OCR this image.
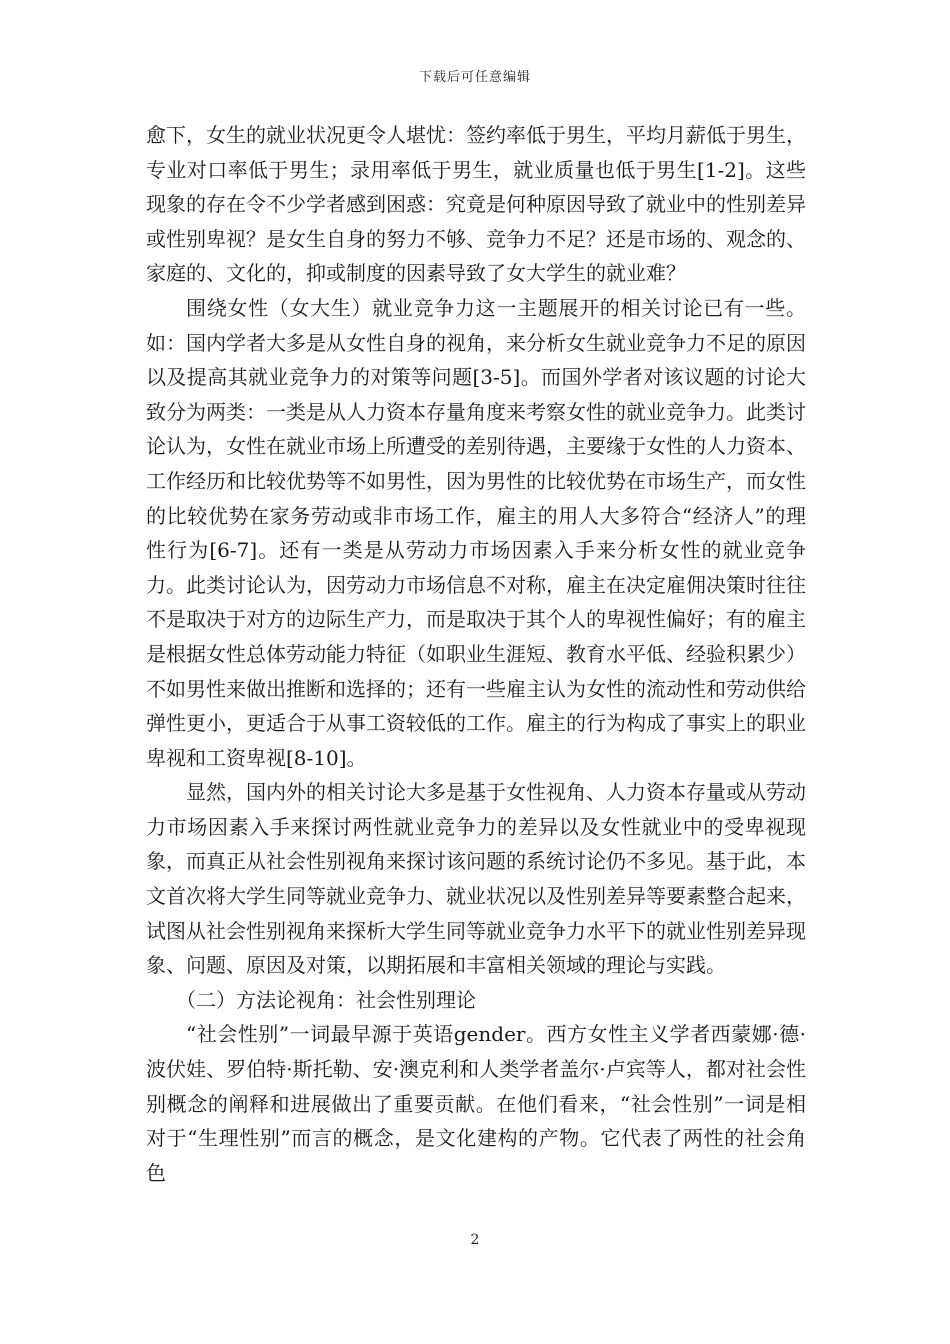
下载后可任意编辑

愈下，女生的就业状况更令人堪忧：签约率低于男生，平均月薪低于男生，专业对口率低于男生；录用率低于男生，就业质量也低于男生[1-2]。这些现象的存在令不少学者感到困惑：究竟是何种原因导致了就业中的性别差异或性别卑视？是女生自身的努力不够、竞争力不足？还是市场的、观念的、家庭的、文化的，抑或制度的因素导致了女大学生的就业难？

围绕女性（女大生）就业竞争力这一主题展开的相关讨论已有一些。如：国内学者大多是从女性自身的视角，来分析女生就业竞争力不足的原因以及提高其就业竞争力的对策等问题[3-5]。而国外学者对该议题的讨论大致分为两类：一类是从人力资本存量角度来考察女性的就业竞争力。此类讨论认为，女性在就业市场上所遭受的差别待遇，主要缘于女性的人力资本、工作经历和比较优势等不如男性，因为男性的比较优势在市场生产，而女性的比较优势在家务劳动或非市场工作，雇主的用人大多符合“经济人”的理性行为[6-7]。还有一类是从劳动力市场因素入手来分析女性的就业竞争力。此类讨论认为，因劳动力市场信息不对称，雇主在决定雇佣决策时往往不是取决于对方的边际生产力，而是取决于其个人的卑视性偏好；有的雇主是根据女性总体劳动能力特征（如职业生涯短、教育水平低、经验积累少）不如男性来做出推断和选择的；还有一些雇主认为女性的流动性和劳动供给弹性更小，更适合于从事工资较低的工作。雇主的行为构成了事实上的职业卑视和工资卑视[8-10]。

显然，国内外的相关讨论大多是基于女性视角、人力资本存量或从劳动力市场因素入手来探讨两性就业竞争力的差异以及女性就业中的受卑视现象，而真正从社会性别视角来探讨该问题的系统讨论仍不多见。基于此，本文首次将大学生同等就业竞争力、就业状况以及性别差异等要素整合起来，试图从社会性别视角来探析大学生同等就业竞争力水平下的就业性别差异现象、问题、原因及对策，以期拓展和丰富相关领域的理论与实践。

（二）方法论视角：社会性别理论

“社会性别”一词最早源于英语gender。西方女性主义学者西蒙娜·德·波伏娃、罗伯特·斯托勒、安·澳克利和人类学者盖尔·卢宾等人，都对社会性别概念的阐释和进展做出了重要贡献。在他们看来，“社会性别”一词是相对于“生理性别”而言的概念，是文化建构的产物。它代表了两性的社会角色

2
